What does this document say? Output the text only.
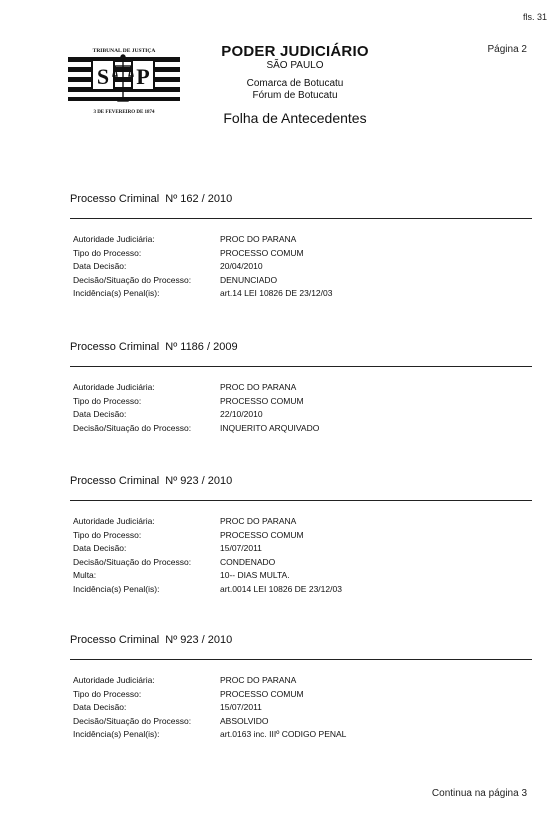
fls. 31
Página 2
S P
TRIBUNAL DE JUSTIÇA
3 DE FEVEREIRO DE 1874
PODER JUDICIÁRIO
SÃO PAULO
Comarca de Botucatu
Fórum de Botucatu
Folha de Antecedentes
Processo Criminal Nº 162 / 2010
Autoridade Judiciária:	PROC DO PARANA
Tipo do Processo:	PROCESSO COMUM
Data Decisão:	20/04/2010
Decisão/Situação do Processo:	DENUNCIADO
Incidência(s) Penal(is):	art.14 LEI 10826 DE 23/12/03
Processo Criminal Nº 1186 / 2009
Autoridade Judiciária:	PROC DO PARANA
Tipo do Processo:	PROCESSO COMUM
Data Decisão:	22/10/2010
Decisão/Situação do Processo:	INQUERITO ARQUIVADO
Processo Criminal Nº 923 / 2010
Autoridade Judiciária:	PROC DO PARANA
Tipo do Processo:	PROCESSO COMUM
Data Decisão:	15/07/2011
Decisão/Situação do Processo:	CONDENADO
Multa:	10-- DIAS MULTA.
Incidência(s) Penal(is):	art.0014 LEI 10826 DE 23/12/03
Processo Criminal Nº 923 / 2010
Autoridade Judiciária:	PROC DO PARANA
Tipo do Processo:	PROCESSO COMUM
Data Decisão:	15/07/2011
Decisão/Situação do Processo:	ABSOLVIDO
Incidência(s) Penal(is):	art.0163 inc. IIIº CODIGO PENAL
Continua na página 3
